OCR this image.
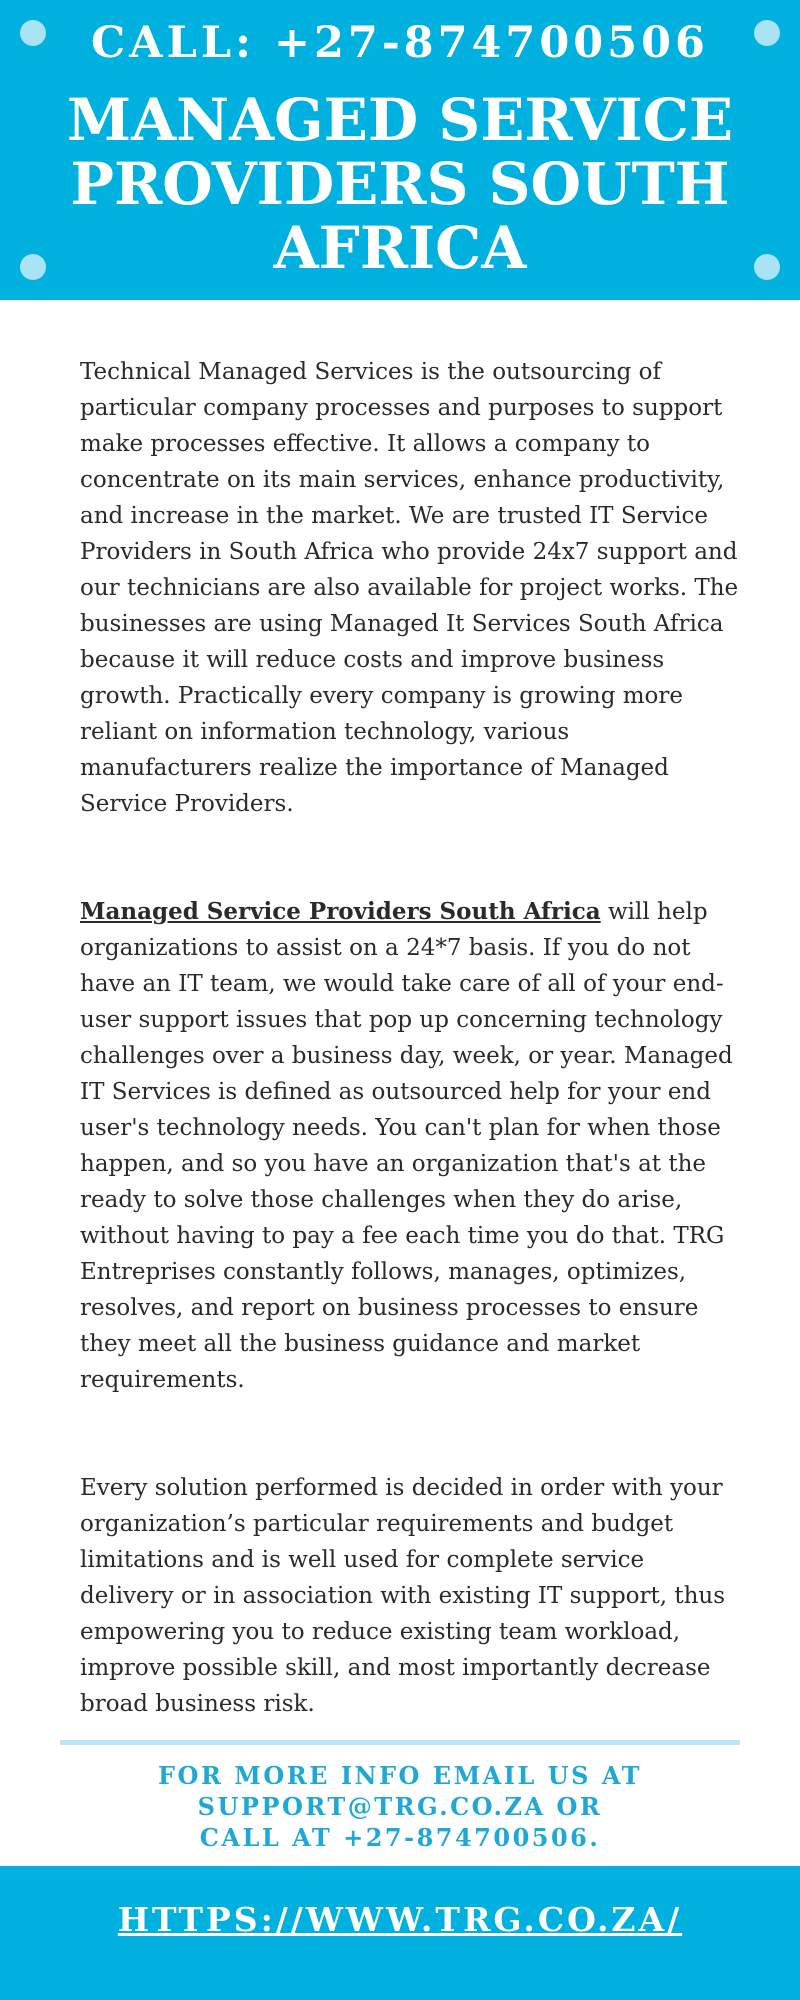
CALL: +27-874700506
MANAGED SERVICE PROVIDERS SOUTH AFRICA

Technical Managed Services is the outsourcing of particular company processes and purposes to support make processes effective. It allows a company to concentrate on its main services, enhance productivity, and increase in the market. We are trusted IT Service Providers in South Africa who provide 24x7 support and our technicians are also available for project works. The businesses are using Managed It Services South Africa because it will reduce costs and improve business growth. Practically every company is growing more reliant on information technology, various manufacturers realize the importance of Managed Service Providers.

Managed Service Providers South Africa will help organizations to assist on a 24*7 basis. If you do not have an IT team, we would take care of all of your end-user support issues that pop up concerning technology challenges over a business day, week, or year. Managed IT Services is defined as outsourced help for your end user's technology needs. You can't plan for when those happen, and so you have an organization that's at the ready to solve those challenges when they do arise, without having to pay a fee each time you do that. TRG Entreprises constantly follows, manages, optimizes, resolves, and report on business processes to ensure they meet all the business guidance and market requirements.

Every solution performed is decided in order with your organization’s particular requirements and budget limitations and is well used for complete service delivery or in association with existing IT support, thus empowering you to reduce existing team workload, improve possible skill, and most importantly decrease broad business risk.

FOR MORE INFO EMAIL US AT
SUPPORT@TRG.CO.ZA OR
CALL AT +27-874700506.
HTTPS://WWW.TRG.CO.ZA/
